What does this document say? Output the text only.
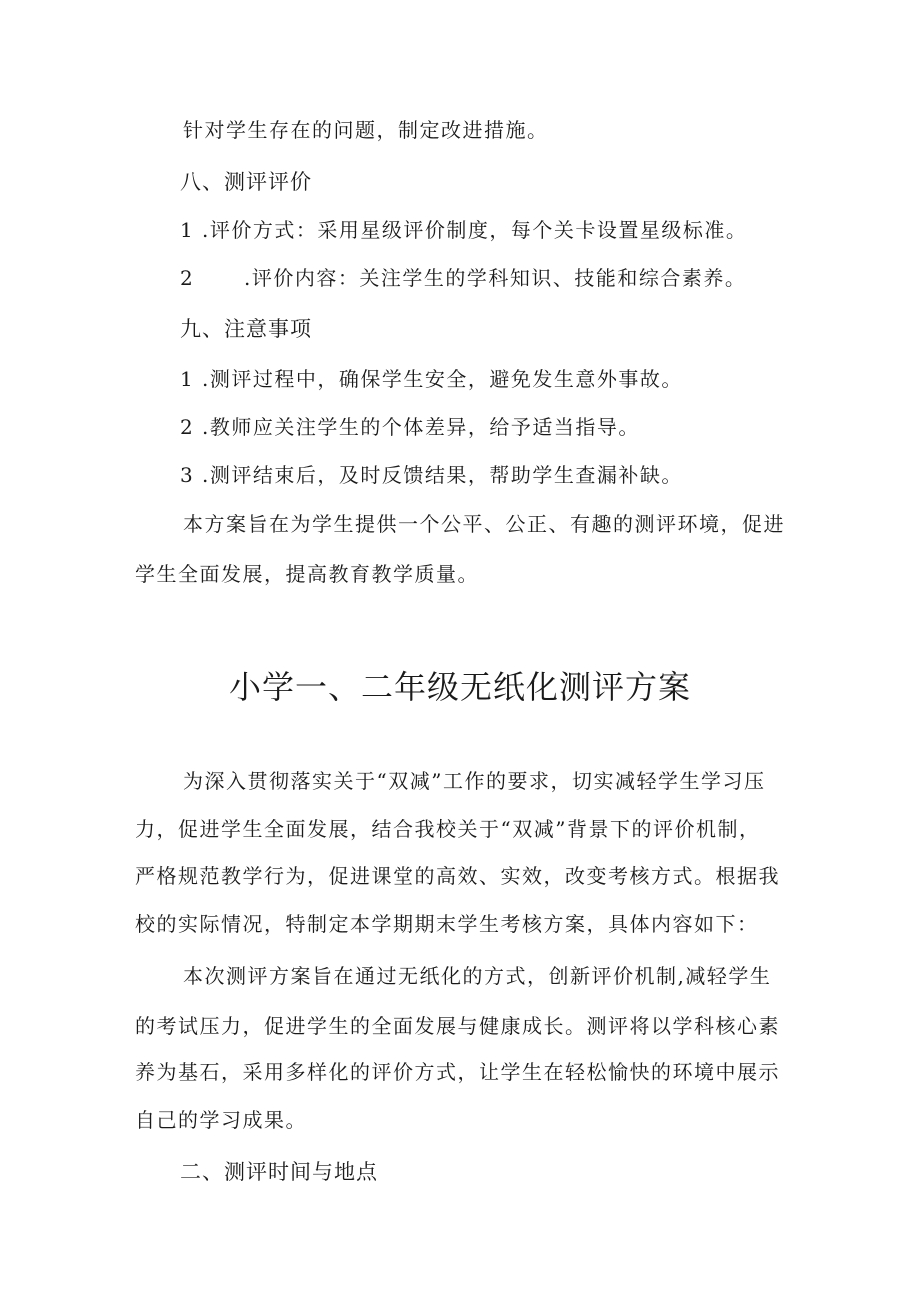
针对学生存在的问题，制定改进措施。
八、测评评价
1 .评价方式：采用星级评价制度，每个关卡设置星级标准。
2 .评价内容：关注学生的学科知识、技能和综合素养。
九、注意事项
1 .测评过程中，确保学生安全，避免发生意外事故。
2 .教师应关注学生的个体差异，给予适当指导。
3 .测评结束后，及时反馈结果，帮助学生查漏补缺。
本方案旨在为学生提供一个公平、公正、有趣的测评环境，促进
学生全面发展，提高教育教学质量。
小学一、二年级无纸化测评方案
为深入贯彻落实关于“双减”工作的要求，切实减轻学生学习压
力，促进学生全面发展，结合我校关于“双减”背景下的评价机制，
严格规范教学行为，促进课堂的高效、实效，改变考核方式。根据我
校的实际情况，特制定本学期期末学生考核方案，具体内容如下：
本次测评方案旨在通过无纸化的方式，创新评价机制,减轻学生
的考试压力，促进学生的全面发展与健康成长。测评将以学科核心素
养为基石，采用多样化的评价方式，让学生在轻松愉快的环境中展示
自己的学习成果。
二、测评时间与地点
